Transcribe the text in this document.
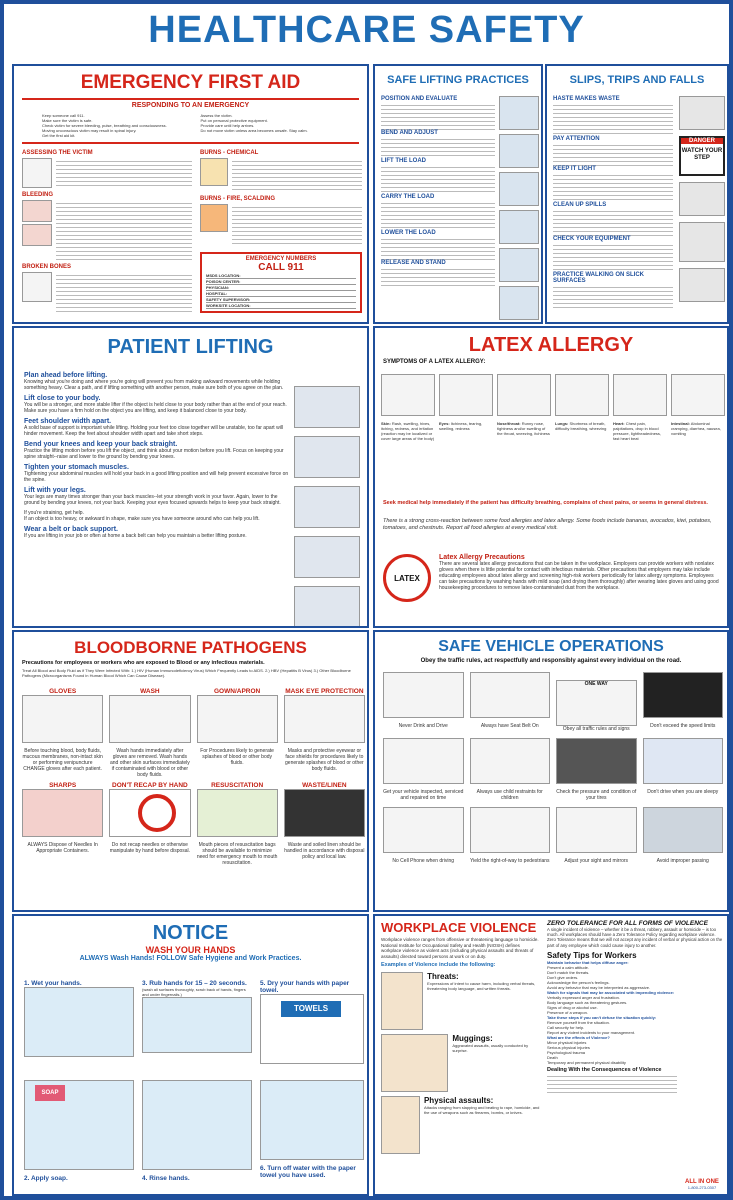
HEALTHCARE SAFETY
EMERGENCY FIRST AID
RESPONDING TO AN EMERGENCY
Keep someone call 911.
Make sure the victim is safe.
Check victim for severe bleeding, pulse, breathing and consciousness.
Moving unconscious victim may result in spinal injury.
Get the first aid kit.
Assess the victim.
Put on personal protective equipment.
Provide care until help arrives.
Do not move victim unless area becomes unsafe. Stay calm.
ASSESSING THE VICTIM
BLEEDING
BROKEN BONES
BURNS - CHEMICAL
BURNS - FIRE, SCALDING
EMERGENCY NUMBERS
CALL 911
MSDS LOCATION:
POISON CENTER:
PHYSICIAN:
HOSPITAL:
SAFETY SUPERVISOR:
WORKSITE LOCATION:
SAFE LIFTING PRACTICES
POSITION AND EVALUATE
BEND AND ADJUST
LIFT THE LOAD
CARRY THE LOAD
LOWER THE LOAD
RELEASE AND STAND
SLIPS, TRIPS AND FALLS
HASTE MAKES WASTE
PAY ATTENTION
KEEP IT LIGHT
CLEAN UP SPILLS
CHECK YOUR EQUIPMENT
PRACTICE WALKING ON SLICK SURFACES
DANGER
WATCH YOUR STEP
PATIENT LIFTING
Plan ahead before lifting.
Knowing what you're doing and where you're going will prevent you from making awkward movements while holding something heavy. Clear a path, and if lifting something with another person, make sure both of you agree on the plan.
Lift close to your body.
You will be a stronger, and more stable lifter if the object is held close to your body rather than at the end of your reach. Make sure you have a firm hold on the object you are lifting, and keep it balanced close to your body.
Feet shoulder width apart.
A solid base of support is important while lifting. Holding your feet too close together will be unstable, too far apart will hinder movement. Keep the feet about shoulder width apart and take short steps.
Bend your knees and keep your back straight.
Practice the lifting motion before you lift the object, and think about your motion before you lift. Focus on keeping your spine straight--raise and lower to the ground by bending your knees.
Tighten your stomach muscles.
Tightening your abdominal muscles will hold your back in a good lifting position and will help prevent excessive force on the spine.
Lift with your legs.
Your legs are many times stronger than your back muscles--let your strength work in your favor. Again, lower to the ground by bending your knees, not your back. Keeping your eyes focused upwards helps to keep your back straight.
If you're straining, get help.
If an object is too heavy, or awkward in shape, make sure you have someone around who can help you lift.
Wear a belt or back support.
If you are lifting in your job or often at home a back belt can help you maintain a better lifting posture.
LATEX ALLERGY
SYMPTOMS OF A LATEX ALLERGY:
Skin: Rash, swelling, hives, itching, redness, and irritation (reaction may be localized or cover large areas of the body)
Eyes: Itchiness, tearing, swelling, redness
Nose/throat: Runny nose, tightness and/or swelling of the throat, sneezing, itchiness
Lungs: Shortness of breath, difficulty breathing, wheezing
Heart: Chest pain, palpitations, drop in blood pressure, lightheadedness, fast heart beat
Intestinal: Abdominal cramping, diarrhea, nausea, vomiting
Seek medical help immediately if the patient has difficulty breathing, complains of chest pains, or seems in general distress.
There is a strong cross-reaction between some food allergies and latex allergy. Some foods include bananas, avocados, kiwi, potatoes, tomatoes, and chestnuts. Report all food allergies at every medical visit.
LATEX
Latex Allergy Precautions
There are several latex allergy precautions that can be taken in the workplace. Employers can provide workers with nonlatex gloves when there is little potential for contact with infectious materials. Other precautions that employers may take include educating employees about latex allergy and screening high-risk workers periodically for latex allergy symptoms. Employees can take precautions by washing hands with mild soap (and drying them thoroughly) after wearing latex gloves and using good housekeeping procedures to remove latex-contaminated dust from the workplace.
BLOODBORNE PATHOGENS
Precautions for employees or workers who are exposed to Blood or any infectious materials.
Treat All Blood and Body Fluid as if They Were Infected With: 1.) HIV (Human Immunodeficiency Virus) Which Frequently Leads to AIDS. 2.) HBV (Hepatitis B Virus) 3.) Other Bloodborne Pathogens (Microorganisms Found in Human Blood Which Can Cause Disease).
GLOVES
Before touching blood, body fluids, mucous membranes, non-intact skin or performing venipuncture CHANGE gloves after each patient.
WASH
Wash hands immediately after gloves are removed. Wash hands and other skin surfaces immediately if contaminated with blood or other body fluids.
GOWN/APRON
For Procedures likely to generate splashes of blood or other body fluids.
MASK EYE PROTECTION
Masks and protective eyewear or face shields for procedures likely to generate splashes of blood or other body fluids.
SHARPS
ALWAYS Dispose of Needles In Appropriate Containers.
DON'T RECAP BY HAND
Do not recap needles or otherwise manipulate by hand before disposal.
RESUSCITATION
Mouth pieces of resuscitation bags should be available to minimize need for emergency mouth to mouth resuscitation.
WASTE/LINEN
Waste and soiled linen should be handled in accordance with disposal policy and local law.
SAFE VEHICLE OPERATIONS
Obey the traffic rules, act respectfully and responsibly against every individual on the road.
Never Drink and Drive	Always have Seat Belt On
ONE WAY
Obey all traffic rules and signs	Don't exceed the speed limits
Get your vehicle inspected, serviced and repaired on time
Always use child restraints for children
Check the pressure and condition of your tires
Don't drive when you are sleepy
No Cell Phone when driving	Yield the right-of-way to pedestrians	Adjust your sight and mirrors	Avoid improper passing
NOTICE
WASH YOUR HANDS
ALWAYS Wash Hands! FOLLOW Safe Hygiene and Work Practices.
1. Wet your hands.	3. Rub hands for 15 – 20 seconds.
(wash all surfaces thoroughly, scrub back of hands, fingers and under fingernails.)
5. Dry your hands with paper towel.
TOWELS
SOAP
2. Apply soap.	4. Rinse hands.
6. Turn off water with the paper towel you have used.
WORKPLACE VIOLENCE
Workplace violence ranges from offensive or threatening language to homicide. National Institute for Occupational Safety and Health (NIOSH) defines workplace violence as violent acts (including physical assaults and threats of assaults) directed toward persons at work or on duty.
Examples of Violence include the following:
Threats:
Expressions of intent to cause harm, including verbal threats, threatening body language, and written threats.
Muggings:
Aggravated assaults, usually conducted by surprise.
Physical assaults:
Attacks ranging from slapping and beating to rape, homicide, and the use of weapons such as firearms, bombs, or knives.
ZERO TOLERANCE FOR ALL FORMS OF VIOLENCE
A single incident of violence – whether it be a threat, robbery, assault or homicide – is too much. All workplaces should have a Zero Tolerance Policy regarding workplace violence. Zero Tolerance means that we will not accept any incident of verbal or physical action on the part of any employee which could cause injury to another.
Safety Tips for Workers
Maintain behavior that helps diffuse anger:
Present a calm attitude.
Don't match the threats.
Don't give orders.
Acknowledge the person's feelings.
Avoid any behavior that may be interpreted as aggressive.
Watch for signals that may be associated with impending violence:
Verbally expressed anger and frustration.
Body language such as threatening gestures.
Signs of drug or alcohol use.
Presence of a weapon.
Take these steps if you can't defuse the situation quickly:
Remove yourself from the situation.
Call security for help.
Report any violent incidents to your management.
What are the effects of Violence?
Minor physical injuries
Serious physical injuries
Psychological trauma
Death
Temporary and permanent physical disability
Dealing With the Consequences of Violence
ALL IN ONE
1-800-273-0307
